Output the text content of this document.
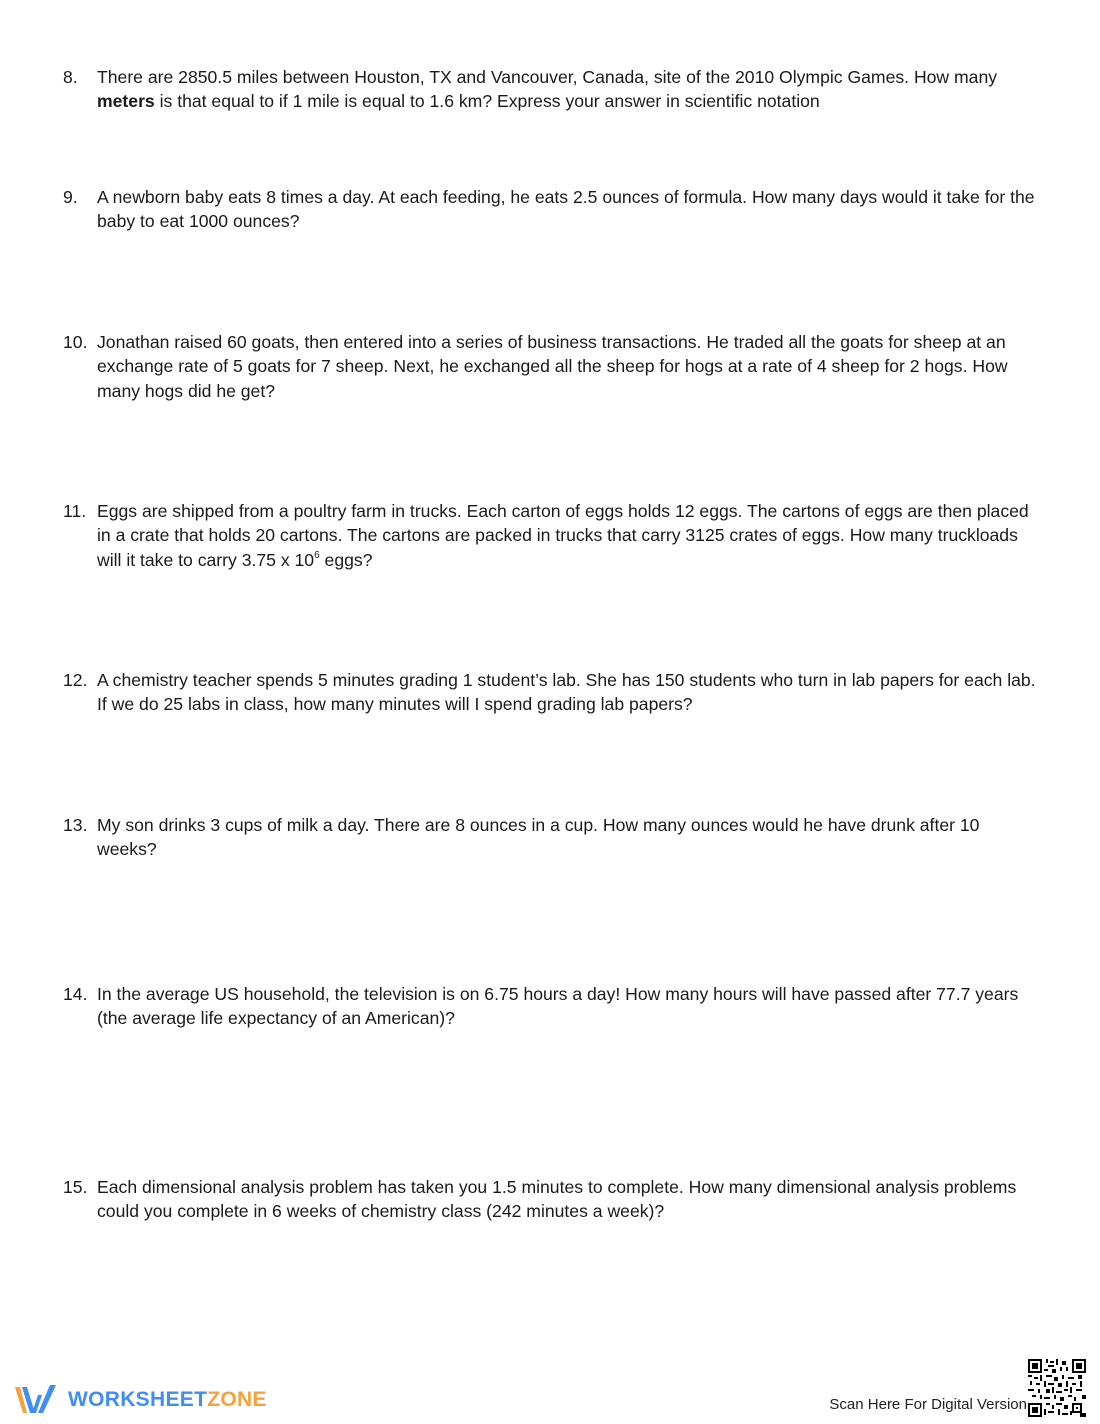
8.	There are 2850.5 miles between Houston, TX and Vancouver, Canada, site of the 2010 Olympic Games. How many meters is that equal to if 1 mile is equal to 1.6 km? Express your answer in scientific notation
9.	A newborn baby eats 8 times a day. At each feeding, he eats 2.5 ounces of formula. How many days would it take for the baby to eat 1000 ounces?
10. Jonathan raised 60 goats, then entered into a series of business transactions. He traded all the goats for sheep at an exchange rate of 5 goats for 7 sheep. Next, he exchanged all the sheep for hogs at a rate of 4 sheep for 2 hogs. How many hogs did he get?
11. Eggs are shipped from a poultry farm in trucks. Each carton of eggs holds 12 eggs. The cartons of eggs are then placed in a crate that holds 20 cartons. The cartons are packed in trucks that carry 3125 crates of eggs. How many truckloads will it take to carry 3.75 x $10^6$ eggs?
12. A chemistry teacher spends 5 minutes grading 1 student’s lab. She has 150 students who turn in lab papers for each lab. If we do 25 labs in class, how many minutes will I spend grading lab papers?
13. My son drinks 3 cups of milk a day. There are 8 ounces in a cup. How many ounces would he have drunk after 10 weeks?
14. In the average US household, the television is on 6.75 hours a day! How many hours will have passed after 77.7 years (the average life expectancy of an American)?
15. Each dimensional analysis problem has taken you 1.5 minutes to complete. How many dimensional analysis problems could you complete in 6 weeks of chemistry class (242 minutes a week)?
WORKSHEETZONE	Scan Here For Digital Version
